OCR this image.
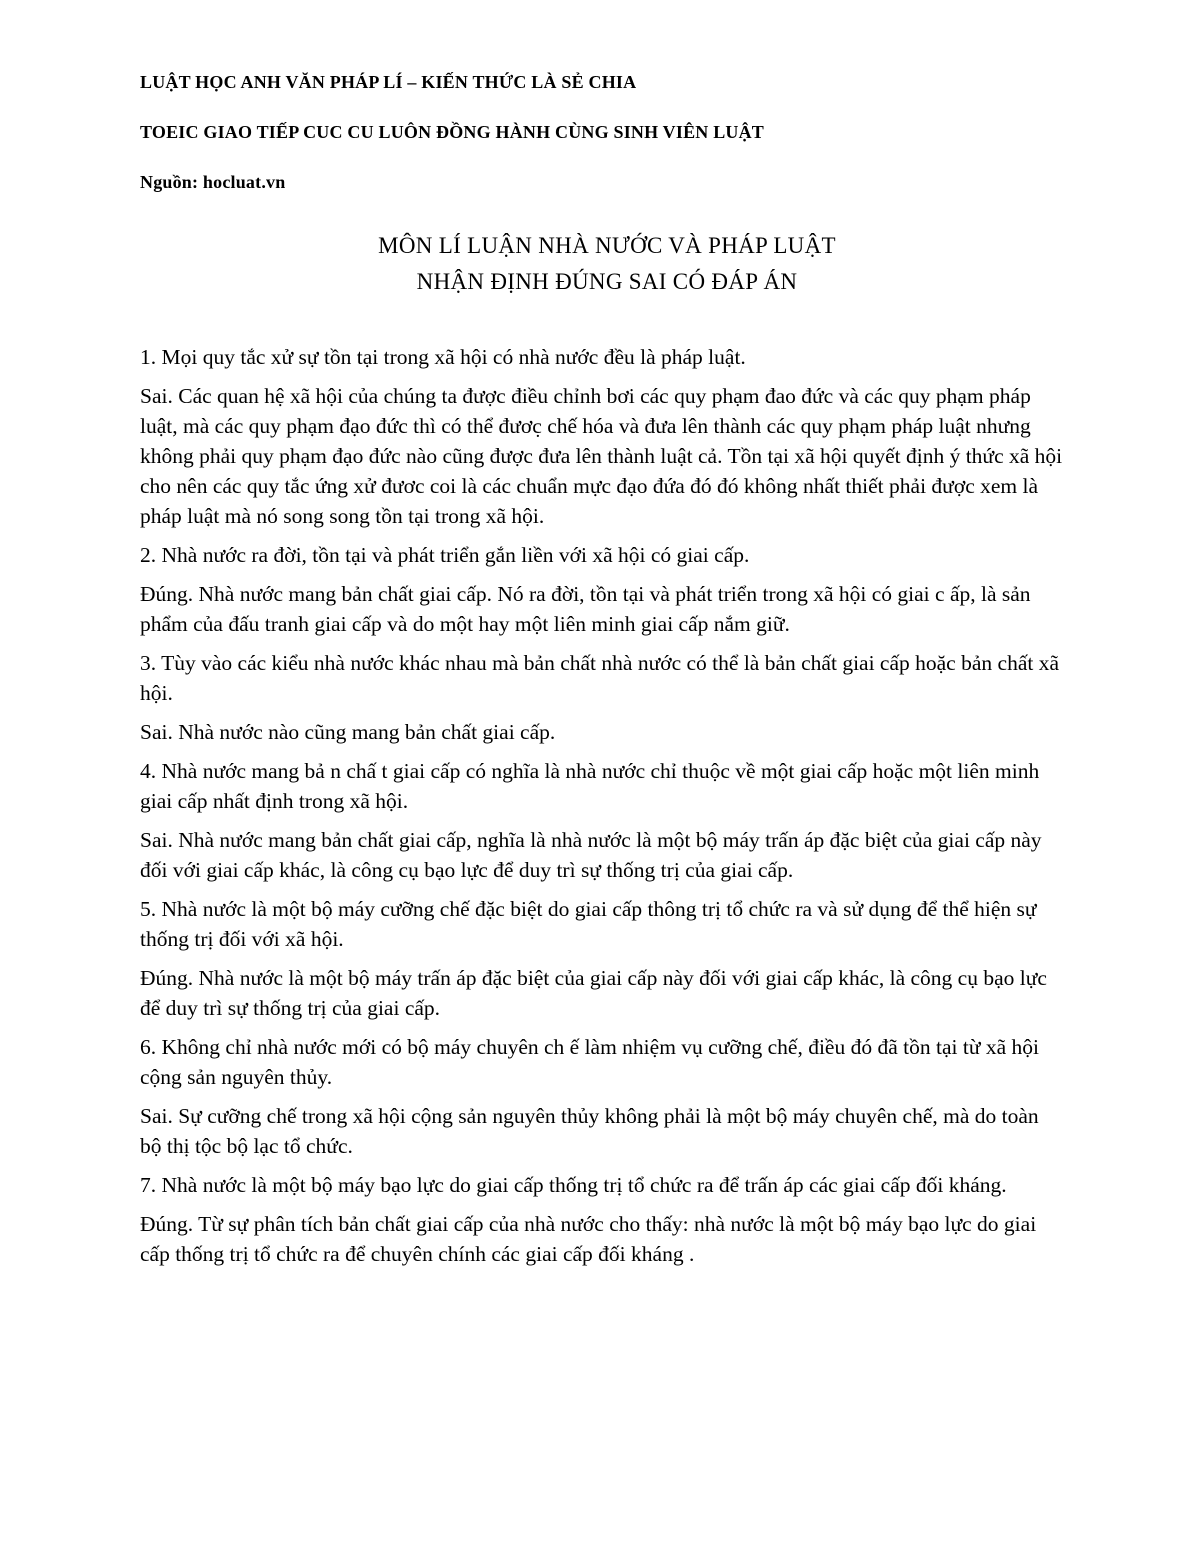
LUẬT HỌC ANH VĂN PHÁP LÍ – KIẾN THỨC LÀ SẺ CHIA
TOEIC GIAO TIẾP CUC CU LUÔN ĐỒNG HÀNH CÙNG SINH VIÊN LUẬT
Nguồn: hocluat.vn
MÔN LÍ LUẬN NHÀ NƯỚC VÀ PHÁP LUẬT
NHẬN ĐỊNH ĐÚNG SAI CÓ ĐÁP ÁN

1. Mọi quy tắc xử sự tồn tại trong xã hội có nhà nước đều là pháp luật.

Sai. Các quan hệ xã hội của chúng ta được điều chỉnh bơi các quy phạm đao đức và các quy phạm pháp luật, mà các quy phạm đạo đức thì có thể đươc̣ chế hóa và đưa lên thành các quy phạm pháp luật nhưng không phải quy phạm đạo đức nào cũng được đưa lên thành luật cả. Tồn tại xã hội quyết định ý thức xã hội cho nên các quy tắc ứng xử đươc coi là các chuẩn mực đạo đứa đó đó không nhất thiết phải được xem là pháp luật mà nó song song tồn tại trong xã hội.

2. Nhà nước ra đời, tồn tại và phát triển gắn liền với xã hội có giai cấp.

Đúng. Nhà nước mang bản chất giai cấp. Nó ra đời, tồn tại và phát triển trong xã hội có giai c ấp, là sản phẩm của đấu tranh giai cấp và do một hay một liên minh giai cấp nắm giữ.

3. Tùy vào các kiểu nhà nước khác nhau mà bản chất nhà nước có thể là bản chất giai cấp hoặc bản chất xã hội.

Sai. Nhà nước nào cũng mang bản chất giai cấp.

4. Nhà nước mang bả n chấ t giai cấp có nghĩa là nhà nước chỉ thuộc về một giai cấp hoặc một liên minh giai cấp nhất định trong xã hội.

Sai. Nhà nước mang bản chất giai cấp, nghĩa là nhà nước là một bộ máy trấn áp đặc biệt của giai cấp này đối với giai cấp khác, là công cụ bạo lực để duy trì sự thống trị của giai cấp.

5. Nhà nước là một bộ máy cưỡng chế đặc biệt do giai cấp thông trị tổ chức ra và sử dụng để thể hiện sự thống trị đối với xã hội.

Đúng. Nhà nước là một bộ máy trấn áp đặc biệt của giai cấp này đối với giai cấp khác, là công cụ bạo lực để duy trì sự thống trị của giai cấp.

6. Không chỉ nhà nước mới có bộ máy chuyên ch ế làm nhiệm vụ cưỡng chế, điều đó đã tồn tại từ xã hội cộng sản nguyên thủy.

Sai. Sự cưỡng chế trong xã hội cộng sản nguyên thủy không phải là một bộ máy chuyên chế, mà do toàn bộ thị tộc bộ lạc tổ chức.

7. Nhà nước là một bộ máy bạo lực do giai cấp thống trị tổ chức ra để trấn áp các giai cấp đối kháng.

Đúng. Từ sự phân tích bản chất giai cấp của nhà nước cho thấy: nhà nước là một bộ máy bạo lực do giai cấp thống trị tổ chức ra để chuyên chính các giai cấp đối kháng .
